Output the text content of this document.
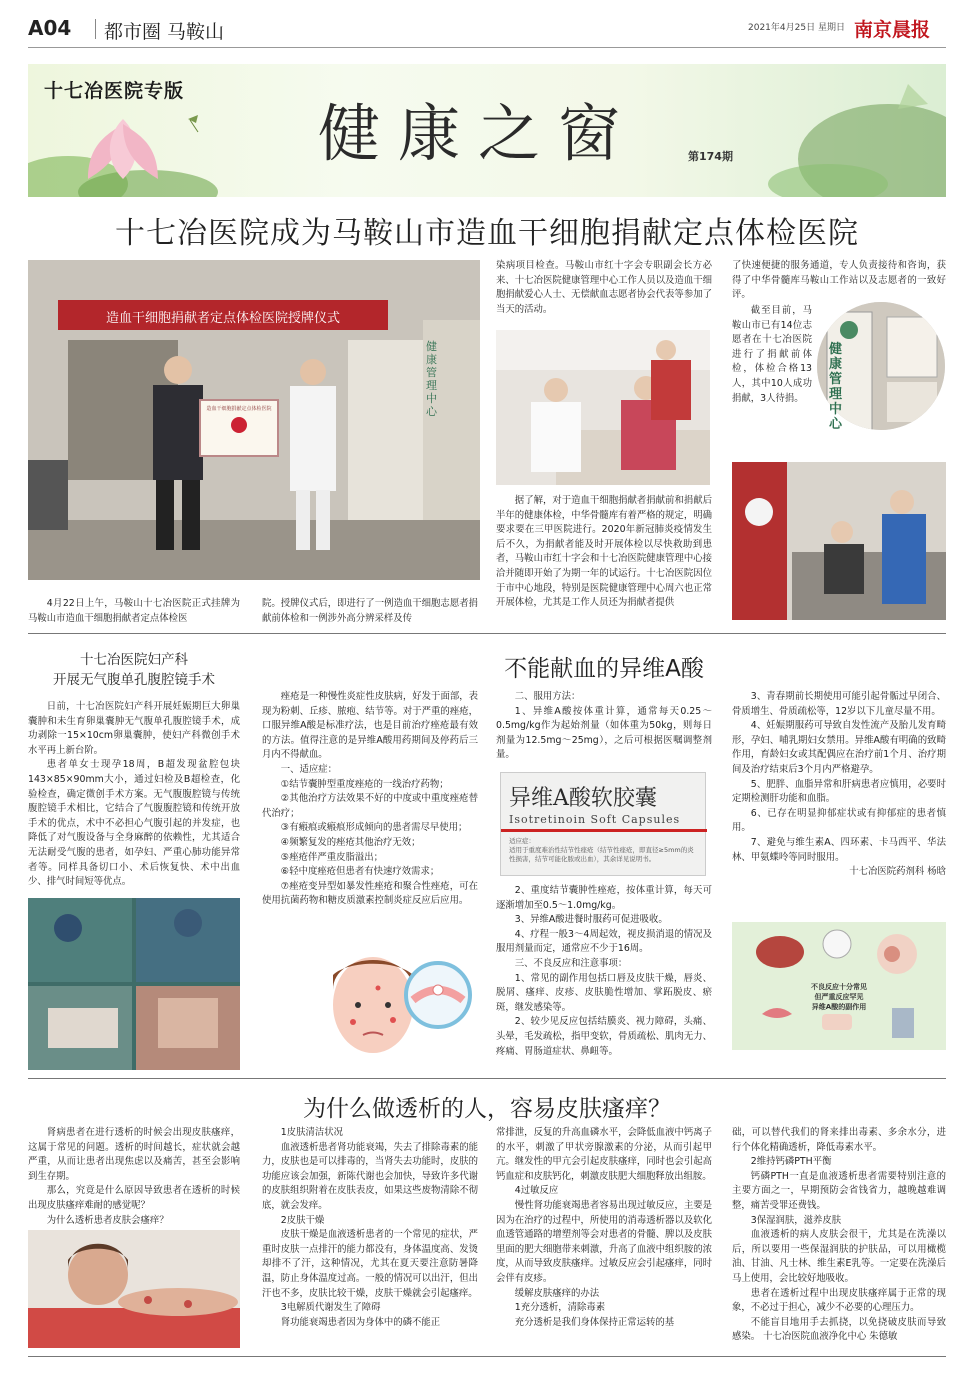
A04 都市圈 马鞍山	2021年4月25日 星期日 南京晨报
十七冶医院专版
健康之窗	第174期
十七冶医院成为马鞍山市造血干细胞捐献定点体检医院
造血干细胞捐献者定点体检医院授牌仪式
造血干细胞捐献定点体检医院
健康管理中心

4月22日上午，马鞍山十七冶医院正式挂牌为马鞍山市造血干细胞捐献者定点体检医

院。授牌仪式后，即进行了一例造血干细胞志愿者捐献前体检和一例涉外高分辨采样及传

染病项目检查。马鞍山市红十字会专职副会长方必来、十七冶医院健康管理中心工作人员以及造血干细胞捐献爱心人士、无偿献血志愿者协会代表等参加了当天的活动。

据了解，对于造血干细胞捐献者捐献前和捐献后半年的健康体检，中华骨髓库有着严格的规定，明确要求要在三甲医院进行。2020年新冠肺炎疫情发生后不久，为捐献者能及时开展体检以尽快救助到患者，马鞍山市红十字会和十七冶医院健康管理中心接洽并随即开始了为期一年的试运行。十七冶医院因位于市中心地段，特别是医院健康管理中心周六也正常开展体检，尤其是工作人员还为捐献者提供

了快速便捷的服务通道，专人负责接待和咨询，获得了中华骨髓库马鞍山工作站以及志愿者的一致好评。

健康管理中心

截至目前，马鞍山市已有14位志愿者在十七冶医院进行了捐献前体检，体检合格13人，其中10人成功捐献，3人待捐。

十七冶医院妇产科
开展无气腹单孔腹腔镜手术

日前，十七冶医院妇产科开展妊娠期巨大卵巢囊肿和未生育卵巢囊肿无气腹单孔腹腔镜手术，成功剥除一15×10cm卵巢囊肿，使妇产科微创手术水平再上新台阶。

患者单女士现孕18周，B超发现盆腔包块143×85×90mm大小，通过妇检及B超检查，化验检查，确定微创手术方案。无气腹腹腔镜与传统腹腔镜手术相比，它结合了气腹腹腔镜和传统开放手术的优点，术中不必担心气腹引起的并发症，也降低了对气腹设备与全身麻醉的依赖性，尤其适合无法耐受气腹的患者，如孕妇、严重心肺功能异常者等。同样具备切口小、术后恢复快、术中出血少、排气时间短等优点。

不能献血的异维A酸

痤疮是一种慢性炎症性皮肤病，好发于面部，表现为粉刺、丘疹、脓疱、结节等。对于严重的痤疮，口服异维A酸是标准疗法，也是目前治疗痤疮最有效的方法。值得注意的是异维A酸用药期间及停药后三月内不得献血。

一、适应症：

①结节囊肿型重度痤疮的一线治疗药物；

②其他治疗方法效果不好的中度或中重度痤疮替代治疗；

③有瘢痕或瘢痕形成倾向的患者需尽早使用；

④频繁复发的痤疮其他治疗无效；

⑤痤疮伴严重皮脂溢出；

⑥轻中度痤疮但患者有快速疗效需求；

⑦痤疮变异型如暴发性痤疮和聚合性痤疮，可在使用抗菌药物和糖皮质激素控制炎症反应后应用。

二、服用方法：

1、异维A酸按体重计算，通常每天0.25～0.5mg/kg作为起始剂量（如体重为50kg，则每日剂量为12.5mg～25mg），之后可根据医嘱调整剂量。

异维A酸软胶囊
Isotretinoin Soft Capsules
适应症：
适用于重度难治性结节性痤疮（结节性痤疮，即直径≥5mm的炎性损害，结节可能化脓或出血），其余详见说明书。

2、重度结节囊肿性痤疮，按体重计算，每天可逐渐增加至0.5～1.0mg/kg。

3、异维A酸进餐时服药可促进吸收。

4、疗程一般3～4周起效，视皮损消退的情况及服用剂量而定，通常应不少于16周。

三、不良反应和注意事项：

1、常见的副作用包括口唇及皮肤干燥，唇炎、脱屑、瘙痒、皮疹、皮肤脆性增加、掌跖脱皮、瘀斑，继发感染等。

2、较少见反应包括结膜炎、视力障碍，头痛、头晕，毛发疏松，指甲变软，骨质疏松、肌肉无力、疼痛、胃肠道症状、鼻衄等。

3、青春期前长期使用可能引起骨骺过早闭合、骨质增生、骨质疏松等，12岁以下儿童尽量不用。

4、妊娠期服药可导致自发性流产及胎儿发育畸形，孕妇、哺乳期妇女禁用。异维A酸有明确的致畸作用，育龄妇女或其配偶应在治疗前1个月、治疗期间及治疗结束后3个月内严格避孕。

5、肥胖、血脂异常和肝病患者应慎用，必要时定期检测肝功能和血脂。

6、已存在明显抑郁症状或有抑郁症的患者慎用。

7、避免与维生素A、四环素、卡马西平、华法林、甲氨蝶呤等同时服用。

十七冶医院药剂科 杨晗

不良反应十分常见
但严重反应罕见
异维A酸的副作用
为什么做透析的人，容易皮肤瘙痒？

肾病患者在进行透析的时候会出现皮肤瘙痒，这属于常见的问题。透析的时间越长，症状就会越严重，从而让患者出现焦虑以及痛苦，甚至会影响到生存期。

那么，究竟是什么原因导致患者在透析的时候出现皮肤瘙痒难耐的感觉呢？

为什么透析患者皮肤会瘙痒？

1皮肤清洁状况

血液透析患者肾功能衰竭，失去了排除毒素的能力，皮肤也是可以排毒的，当肾失去功能时，皮肤的功能应该会加强，新陈代谢也会加快，导致许多代谢的皮肤组织附着在皮肤表皮，如果这些废物清除不彻底，就会发痒。

2皮肤干燥

皮肤干燥是血液透析患者的一个常见的症状，严重时皮肤一点排汗的能力都没有，身体温度高、发烫却排不了汗，这种情况，尤其在夏天要注意防暑降温，防止身体温度过高。一般的情况可以出汗，但出汗也不多，皮肤比较干燥，皮肤干燥就会引起瘙痒。

3电解质代谢发生了障碍

肾功能衰竭患者因为身体中的磷不能正

常排泄，反复的升高血磷水平，会降低血液中钙离子的水平，刺激了甲状旁腺激素的分泌，从而引起甲亢。继发性的甲亢会引起皮肤瘙痒，同时也会引起高钙血症和皮肤钙化，刺激皮肤肥大细胞释放出组胺。

4过敏反应

慢性肾功能衰竭患者容易出现过敏反应，主要是因为在治疗的过程中，所使用的消毒透析器以及软化血透管通路的增塑剂等会对患者的骨髓、脾以及皮肤里面的肥大细胞带来刺激，升高了血液中组织胺的浓度，从而导致皮肤瘙痒。过敏反应会引起瘙痒，同时会伴有皮疹。

缓解皮肤瘙痒的办法

1充分透析，清除毒素

充分透析是我们身体保持正常运转的基

础，可以替代我们的肾来排出毒素、多余水分，进行个体化精确透析，降低毒素水平。

2维持钙磷PTH平衡

钙磷PTH一直是血液透析患者需要特别注意的主要方面之一，早期预防会省钱省力，越晚越难调整，痛苦受罪还费钱。

3保湿润肤，滋养皮肤

血液透析的病人皮肤会很干，尤其是在洗澡以后，所以要用一些保湿润肤的护肤品，可以用橄榄油、甘油、凡士林、维生素E乳等。一定要在洗澡后马上使用，会比较好地吸收。

患者在透析过程中出现皮肤瘙痒属于正常的现象，不必过于担心，减少不必要的心理压力。

不能盲目地用手去抓挠，以免挠破皮肤而导致感染。 十七冶医院血液净化中心 朱德敏
